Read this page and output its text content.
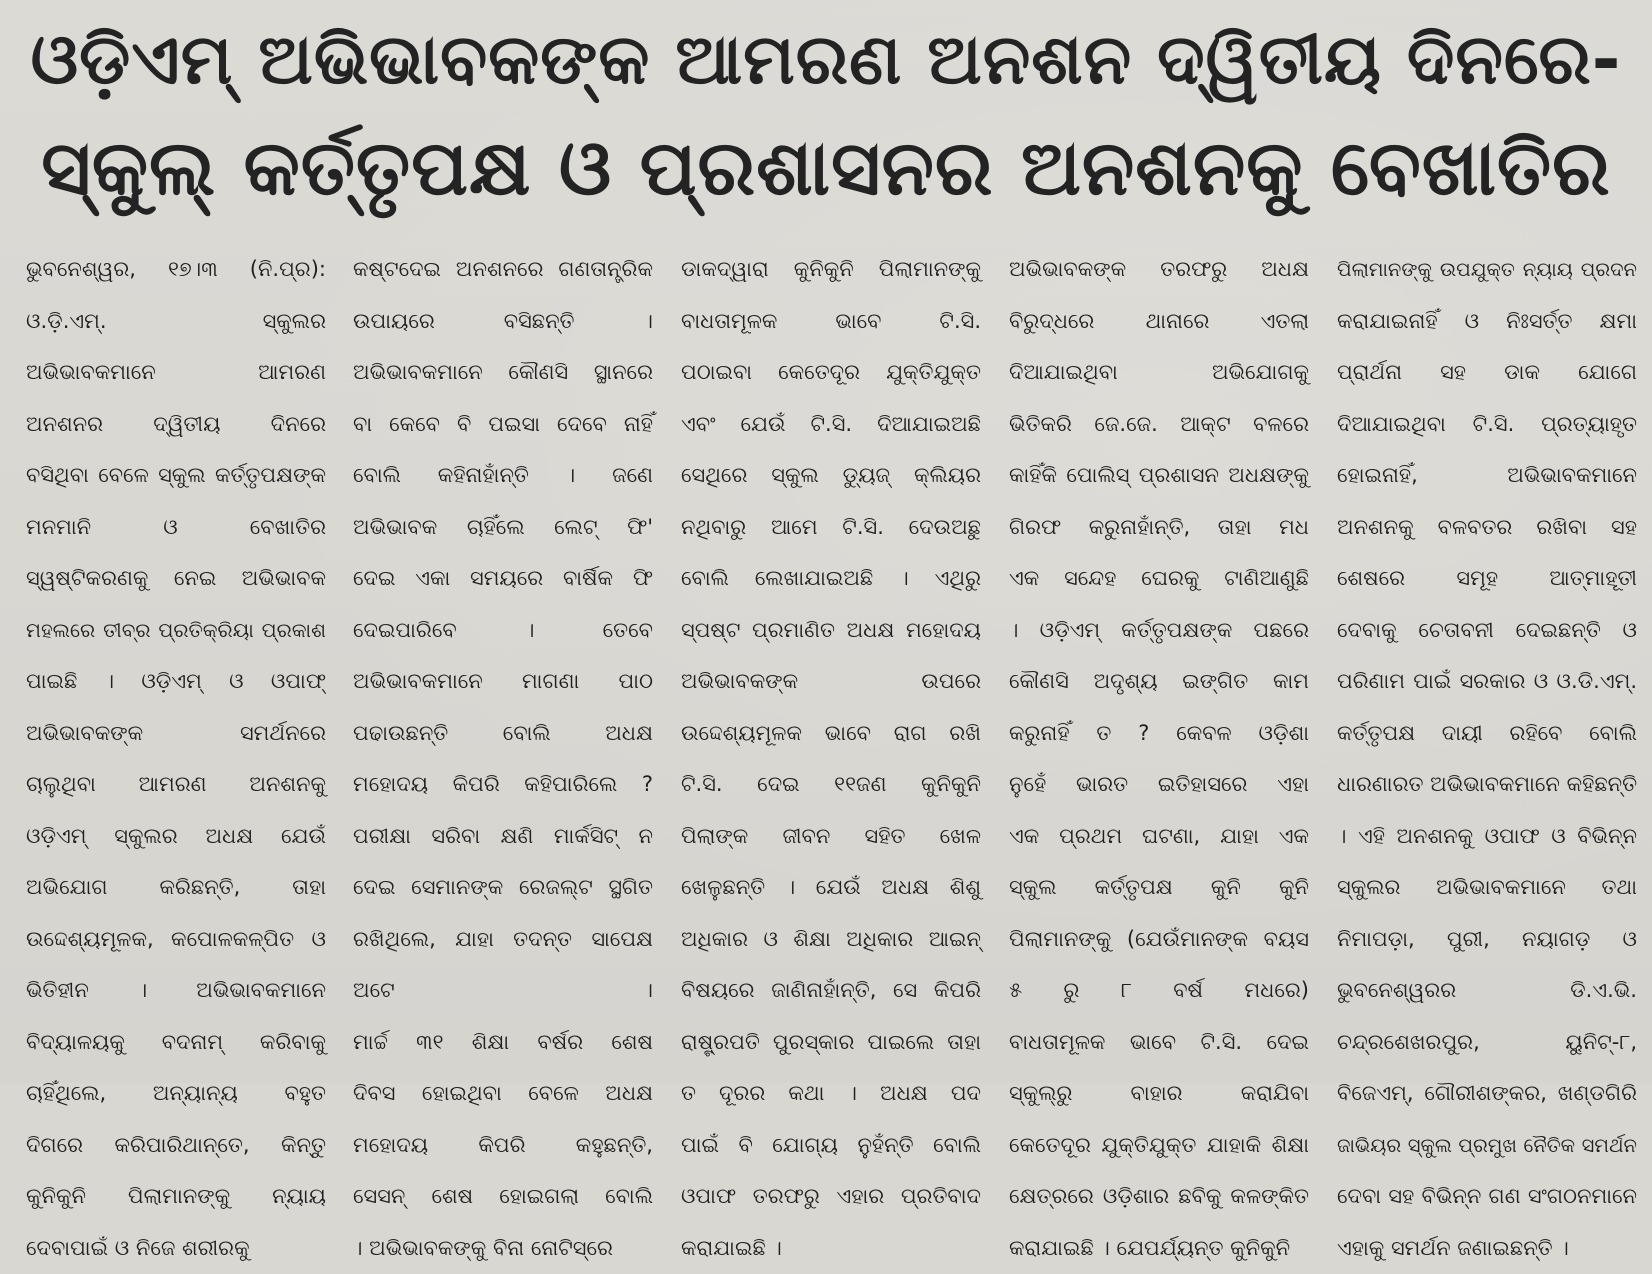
ଓଡ଼ିଏମ୍ ଅଭିଭାବକଙ୍କ ଆମରଣ ଅନଶନ ଦ୍ୱିତୀୟ ଦିନରେ-
ସ୍କୁଲ୍ କର୍ତ୍ତୃପକ୍ଷ ଓ ପ୍ରଶାସନର ଅନଶନକୁ ବେଖାତିର
ଭୁବନେଶ୍ୱର, ୧୭।୩ (ନି.ପ୍ର):
ଓ.ଡ଼ି.ଏମ୍. ସ୍କୁଲର
ଅଭିଭାବକମାନେ ଆମରଣ
ଅନଶନର ଦ୍ୱିତୀୟ ଦିନରେ
ବସିଥିବା ବେଳେ ସ୍କୁଲ କର୍ତ୍ତୃପକ୍ଷଙ୍କ
ମନମାନି ଓ ବେଖାତିର
ସ୍ୱଷ୍ଟିକରଣକୁ ନେଇ ଅଭିଭାବକ
ମହଲରେ ତୀବ୍ର ପ୍ରତିକ୍ରିୟା ପ୍ରକାଶ
ପାଇଛି । ଓଡ଼ିଏମ୍ ଓ ଓପାଫ୍
ଅଭିଭାବକଙ୍କ ସମର୍ଥନରେ
ଚାଲୁଥିବା ଆମରଣ ଅନଶନକୁ
ଓଡ଼ିଏମ୍ ସ୍କୁଲର ଅଧକ୍ଷ ଯେଉଁ
ଅଭିଯୋଗ କରିଛନ୍ତି, ତାହା
ଉଦ୍ଦେଶ୍ୟମୂଳକ, କପୋଳକଳ୍ପିତ ଓ
ଭିତିହୀନ । ଅଭିଭାବକମାନେ
ବିଦ୍ୟାଳୟକୁ ବଦନାମ୍ କରିବାକୁ
ଚାହିଁଥିଲେ, ଅନ୍ୟାନ୍ୟ ବହୁତ
ଦିଗରେ କରିପାରିଥାନ୍ତେ, କିନ୍ତୁ
କୁନିକୁନି ପିଲାମାନଙ୍କୁ ନ୍ୟାୟ
ଦେବାପାଇଁ ଓ ନିଜେ ଶରୀରକୁ
କଷ୍ଟଦେଇ ଅନଶନରେ ଗଣତାନ୍ତ୍ରିକ
ଉପାୟରେ ବସିଛନ୍ତି ।
ଅଭିଭାବକମାନେ କୌଣସି ସ୍ଥାନରେ
ବା କେବେ ବି ପଇସା ଦେବେ ନାହିଁ
ବୋଲି କହିନାହାଁନ୍ତି । ଜଣେ
ଅଭିଭାବକ ଚାହିଁଲେ ଲେଟ୍ ଫି'
ଦେଇ ଏକା ସମୟରେ ବାର୍ଷିକ ଫି
ଦେଇପାରିବେ । ତେବେ
ଅଭିଭାବକମାନେ ମାଗଣା ପାଠ
ପଢାଉଛନ୍ତି ବୋଲି ଅଧକ୍ଷ
ମହୋଦୟ କିପରି କହିପାରିଲେ ?
ପରୀକ୍ଷା ସରିବା କ୍ଷଣି ମାର୍କସିଟ୍ ନ
ଦେଇ ସେମାନଙ୍କ ରେଜଲ୍ଟ ସ୍ଥଗିତ
ରଖିଥିଲେ, ଯାହା ତଦନ୍ତ ସାପେକ୍ଷ
ଅଟେ ।
ମାର୍ଚ୍ଚ ୩୧ ଶିକ୍ଷା ବର୍ଷର ଶେଷ
ଦିବସ ହୋଇଥିବା ବେଳେ ଅଧକ୍ଷ
ମହୋଦୟ କିପରି କହୁଛନ୍ତି,
ସେସନ୍ ଶେଷ ହୋଇଗଲା ବୋଲି
। ଅଭିଭାବକଙ୍କୁ ବିନା ନୋଟିସ୍‌ରେ
ଡାକଦ୍ୱାରା କୁନିକୁନି ପିଲାମାନଙ୍କୁ
ବାଧତାମୂଳକ ଭାବେ ଟି.ସି.
ପଠାଇବା କେତେଦୂର ଯୁକ୍ତିଯୁକ୍ତ
ଏବଂ ଯେଉଁ ଟି.ସି. ଦିଆଯାଇଅଛି
ସେଥିରେ ସ୍କୁଲ ଡ୍ୟୁଜ୍ କ୍ଲିୟର
ନଥିବାରୁ ଆମେ ଟି.ସି. ଦେଉଅଛୁ
ବୋଲି ଲେଖାଯାଇଅଛି । ଏଥିରୁ
ସ୍ପଷ୍ଟ ପ୍ରମାଣିତ ଅଧକ୍ଷ ମହୋଦୟ
ଅଭିଭାବକଙ୍କ ଉପରେ
ଉଦ୍ଦେଶ୍ୟମୂଳକ ଭାବେ ରାଗ ରଖି
ଟି.ସି. ଦେଇ ୧୧ଜଣ କୁନିକୁନି
ପିଲାଙ୍କ ଜୀବନ ସହିତ ଖେଳ
ଖେଳୁଛନ୍ତି । ଯେଉଁ ଅଧକ୍ଷ ଶିଶୁ
ଅଧିକାର ଓ ଶିକ୍ଷା ଅଧିକାର ଆଇନ୍
ବିଷୟରେ ଜାଣିନାହାଁନ୍ତି, ସେ କିପରି
ରାଷ୍ଟ୍ରପତି ପୁରସ୍କାର ପାଇଲେ ତାହା
ତ ଦୂରର କଥା । ଅଧକ୍ଷ ପଦ
ପାଇଁ ବି ଯୋଗ୍ୟ ନୁହଁନ୍ତି ବୋଲି
ଓପାଫ ତରଫରୁ ଏହାର ପ୍ରତିବାଦ
କରାଯାଇଛି ।
ଅଭିଭାବକଙ୍କ ତରଫରୁ ଅଧକ୍ଷ
ବିରୁଦ୍ଧରେ ଥାନାରେ ଏତଲା
ଦିଆଯାଇଥିବା ଅଭିଯୋଗକୁ
ଭିତିକରି ଜେ.ଜେ. ଆକ୍ଟ ବଳରେ
କାହିଁକି ପୋଲିସ୍ ପ୍ରଶାସନ ଅଧକ୍ଷଙ୍କୁ
ଗିରଫ କରୁନାହାଁନ୍ତି, ତାହା ମଧ
ଏକ ସନ୍ଦେହ ଘେରକୁ ଟାଣିଆଣୁଛି
। ଓଡ଼ିଏମ୍ କର୍ତ୍ତୃପକ୍ଷଙ୍କ ପଛରେ
କୌଣସି ଅଦୃଶ୍ୟ ଇଙ୍ଗିତ କାମ
କରୁନାହିଁ ତ ? କେବଳ ଓଡ଼ିଶା
ନୁହେଁ ଭାରତ ଇତିହାସରେ ଏହା
ଏକ ପ୍ରଥମ ଘଟଣା, ଯାହା ଏକ
ସ୍କୁଲ କର୍ତ୍ତୃପକ୍ଷ କୁନି କୁନି
ପିଲାମାନଙ୍କୁ (ଯେଉଁମାନଙ୍କ ବୟସ
୫ ରୁ ୮ ବର୍ଷ ମଧରେ)
ବାଧତାମୂଳକ ଭାବେ ଟି.ସି. ଦେଇ
ସ୍କୁଲ୍‌ରୁ ବାହାର କରାଯିବା
କେତେଦୂର ଯୁକ୍ତିଯୁକ୍ତ ଯାହାକି ଶିକ୍ଷା
କ୍ଷେତ୍ରରେ ଓଡ଼ିଶାର ଛବିକୁ କଳଙ୍କିତ
କରାଯାଇଛି । ଯେପର୍ଯ୍ୟନ୍ତ କୁନିକୁନି
ପିଲାମାନଙ୍କୁ ଉପଯୁକ୍ତ ନ୍ୟାୟ ପ୍ରଦନ
କରାଯାଇନାହିଁ ଓ ନିଃସର୍ତ୍ତ କ୍ଷମା
ପ୍ରାର୍ଥନା ସହ ଡାକ ଯୋଗେ
ଦିଆଯାଇଥିବା ଟି.ସି. ପ୍ରତ୍ୟାହୃତ
ହୋଇନାହିଁ, ଅଭିଭାବକମାନେ
ଅନଶନକୁ ବଳବତର ରଖିବା ସହ
ଶେଷରେ ସମୂହ ଆତ୍ମାହୂତୀ
ଦେବାକୁ ଚେତାବନୀ ଦେଇଛନ୍ତି ଓ
ପରିଣାମ ପାଇଁ ସରକାର ଓ ଓ.ଡି.ଏମ୍.
କର୍ତ୍ତୃପକ୍ଷ ଦାୟୀ ରହିବେ ବୋଲି
ଧାରଣାରତ ଅଭିଭାବକମାନେ କହିଛନ୍ତି
। ଏହି ଅନଶନକୁ ଓପାଫ ଓ ବିଭିନ୍ନ
ସ୍କୁଲର ଅଭିଭାବକମାନେ ତଥା
ନିମାପଡ଼ା, ପୁରୀ, ନୟାଗଡ଼ ଓ
ଭୁବନେଶ୍ୱରର ଡି.ଏ.ଭି.
ଚନ୍ଦ୍ରଶେଖରପୁର, ୟୁନିଟ୍-୮,
ବିଜେଏମ୍, ଗୌରୀଶଙ୍କର, ଖଣ୍ଡଗିରି
ଜାଭିୟର ସ୍କୁଲ ପ୍ରମୁଖ ନୈତିକ ସମର୍ଥନ
ଦେବା ସହ ବିଭିନ୍ନ ଗଣ ସଂଗଠନମାନେ
ଏହାକୁ ସମର୍ଥନ ଜଣାଇଛନ୍ତି ।
